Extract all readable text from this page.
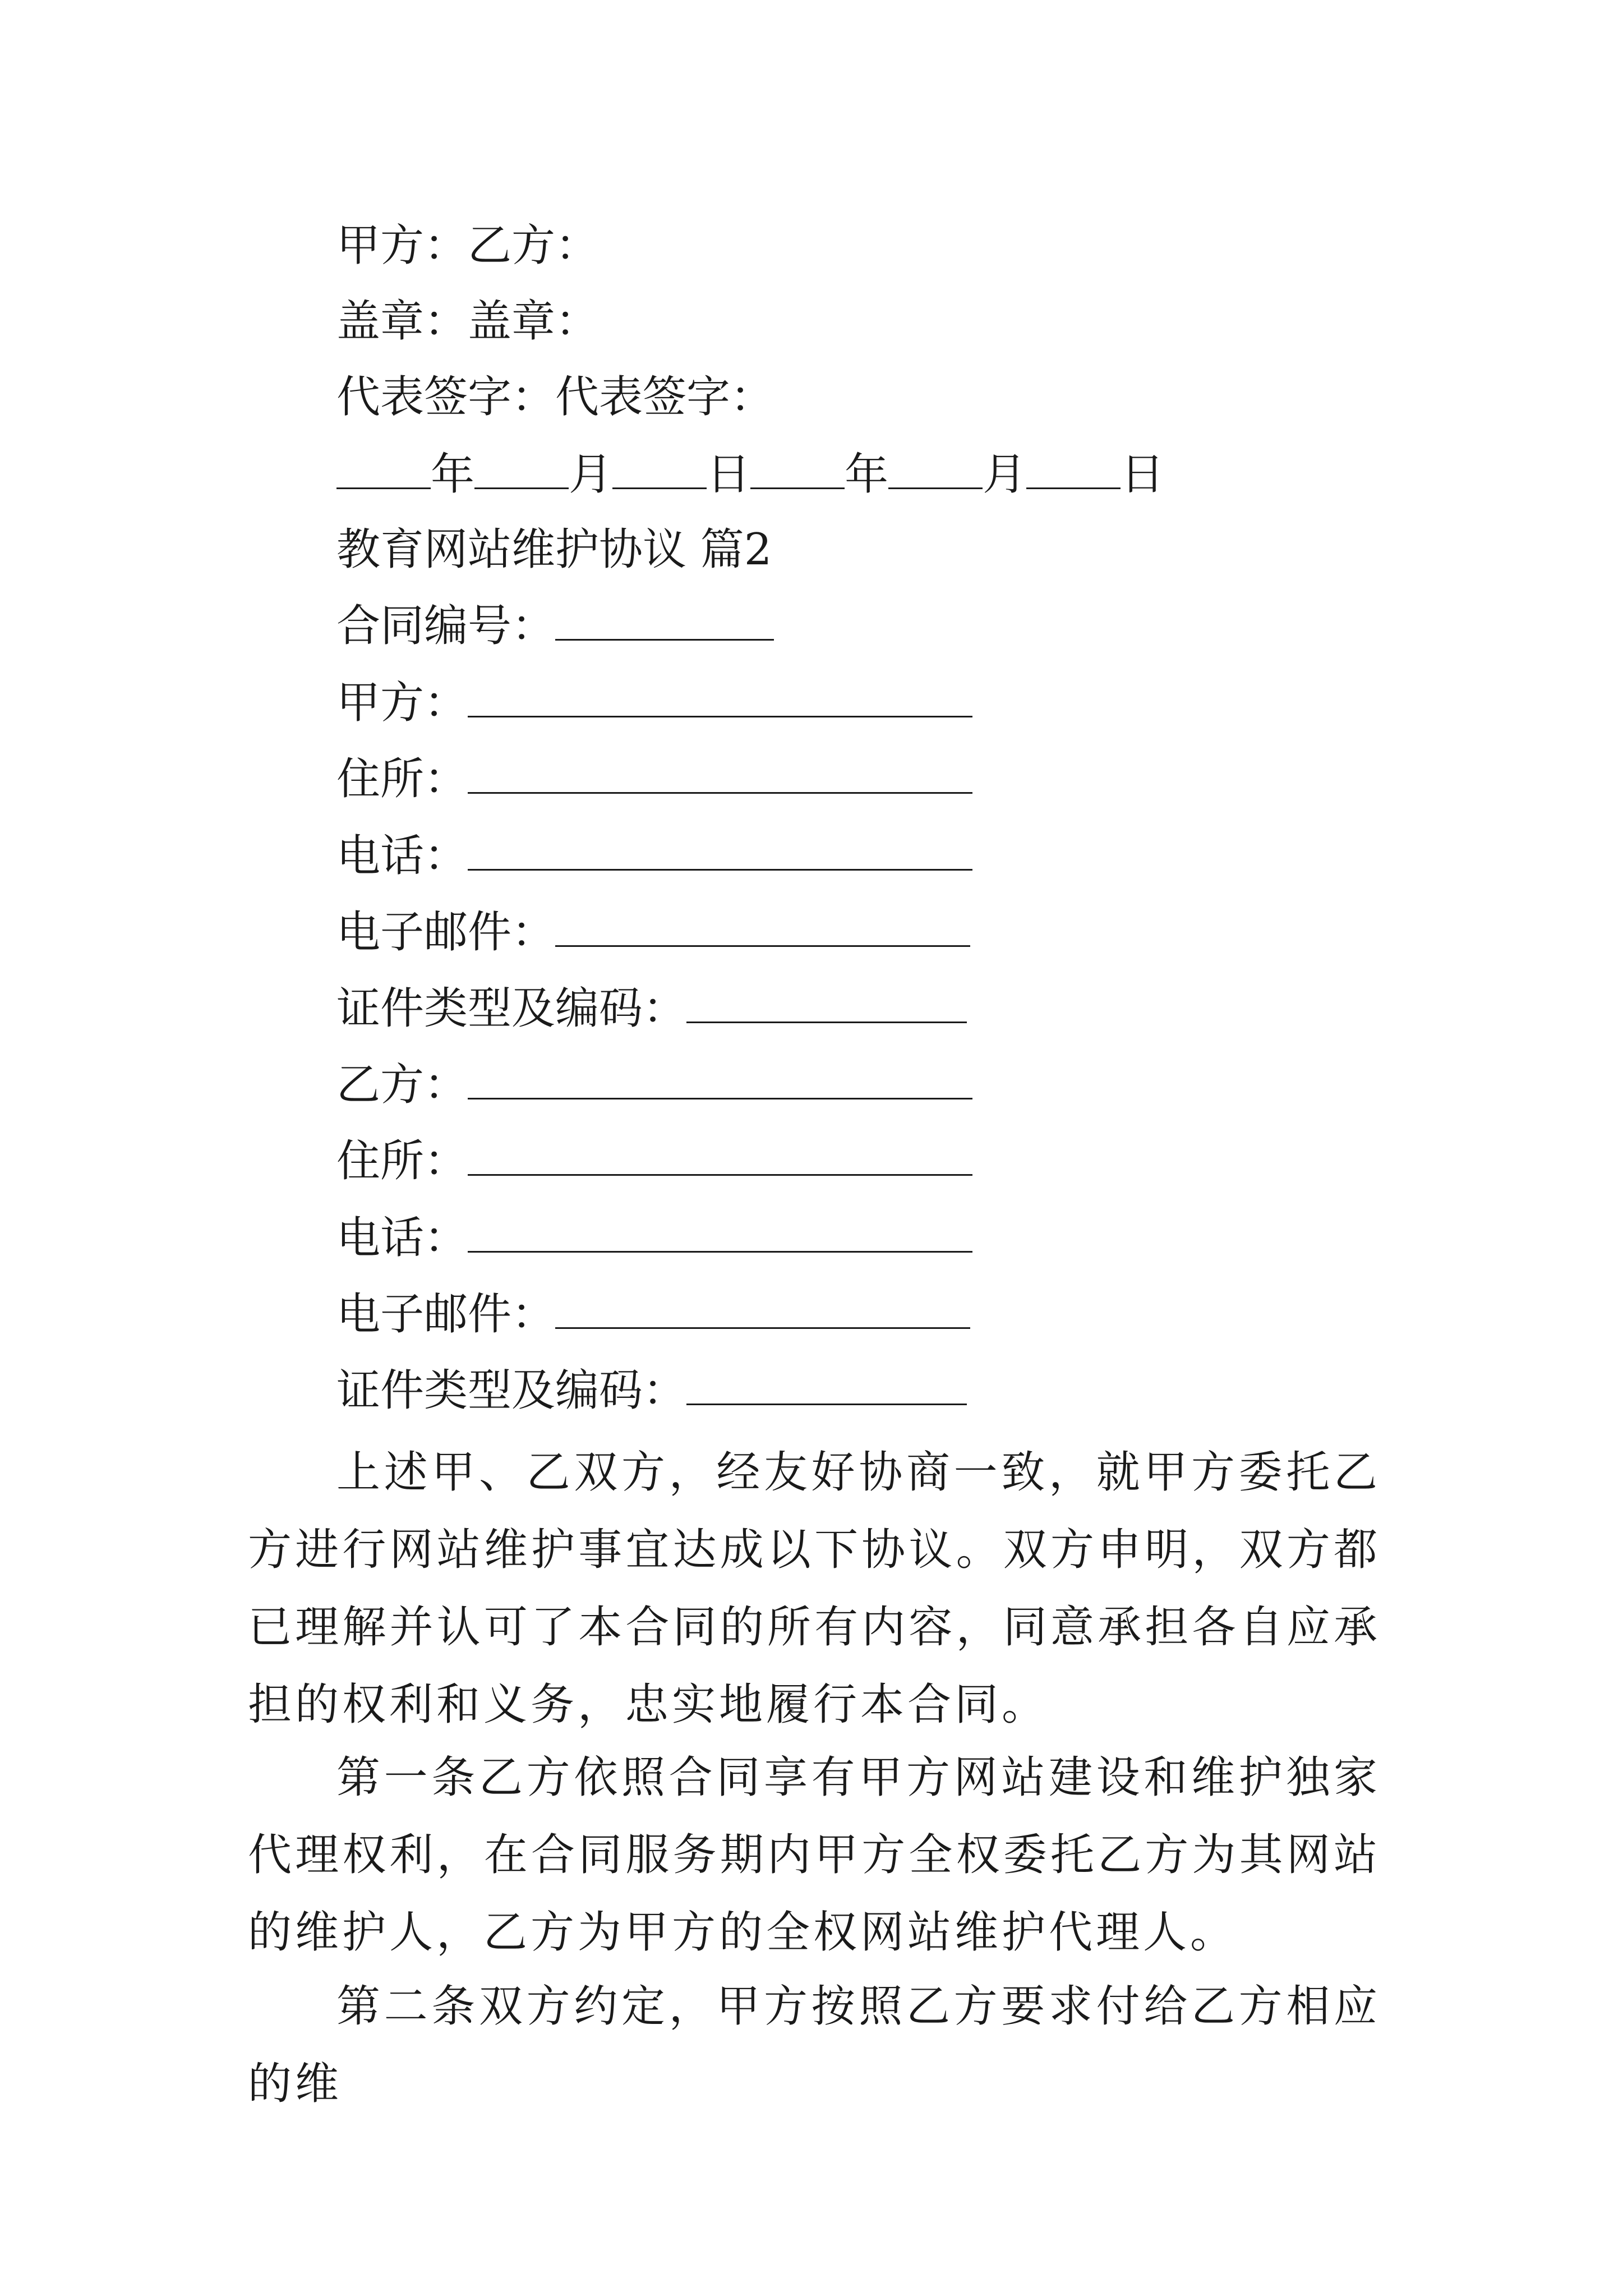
甲方：乙方：
盖章：盖章：
代表签字：代表签字：
年 月 日 年 月 日
教育网站维护协议 篇2
合同编号：
甲方：
住所：
电话：
电子邮件：
证件类型及编码：
乙方：
住所：
电话：
电子邮件：
证件类型及编码：
上述甲、乙双方，经友好协商一致，就甲方委托乙方进行网站维护事宜达成以下协议。双方申明，双方都已理解并认可了本合同的所有内容，同意承担各自应承担的权利和义务，忠实地履行本合同。
第一条乙方依照合同享有甲方网站建设和维护独家代理权利，在合同服务期内甲方全权委托乙方为其网站的维护人，乙方为甲方的全权网站维护代理人。
第二条双方约定，甲方按照乙方要求付给乙方相应的维
